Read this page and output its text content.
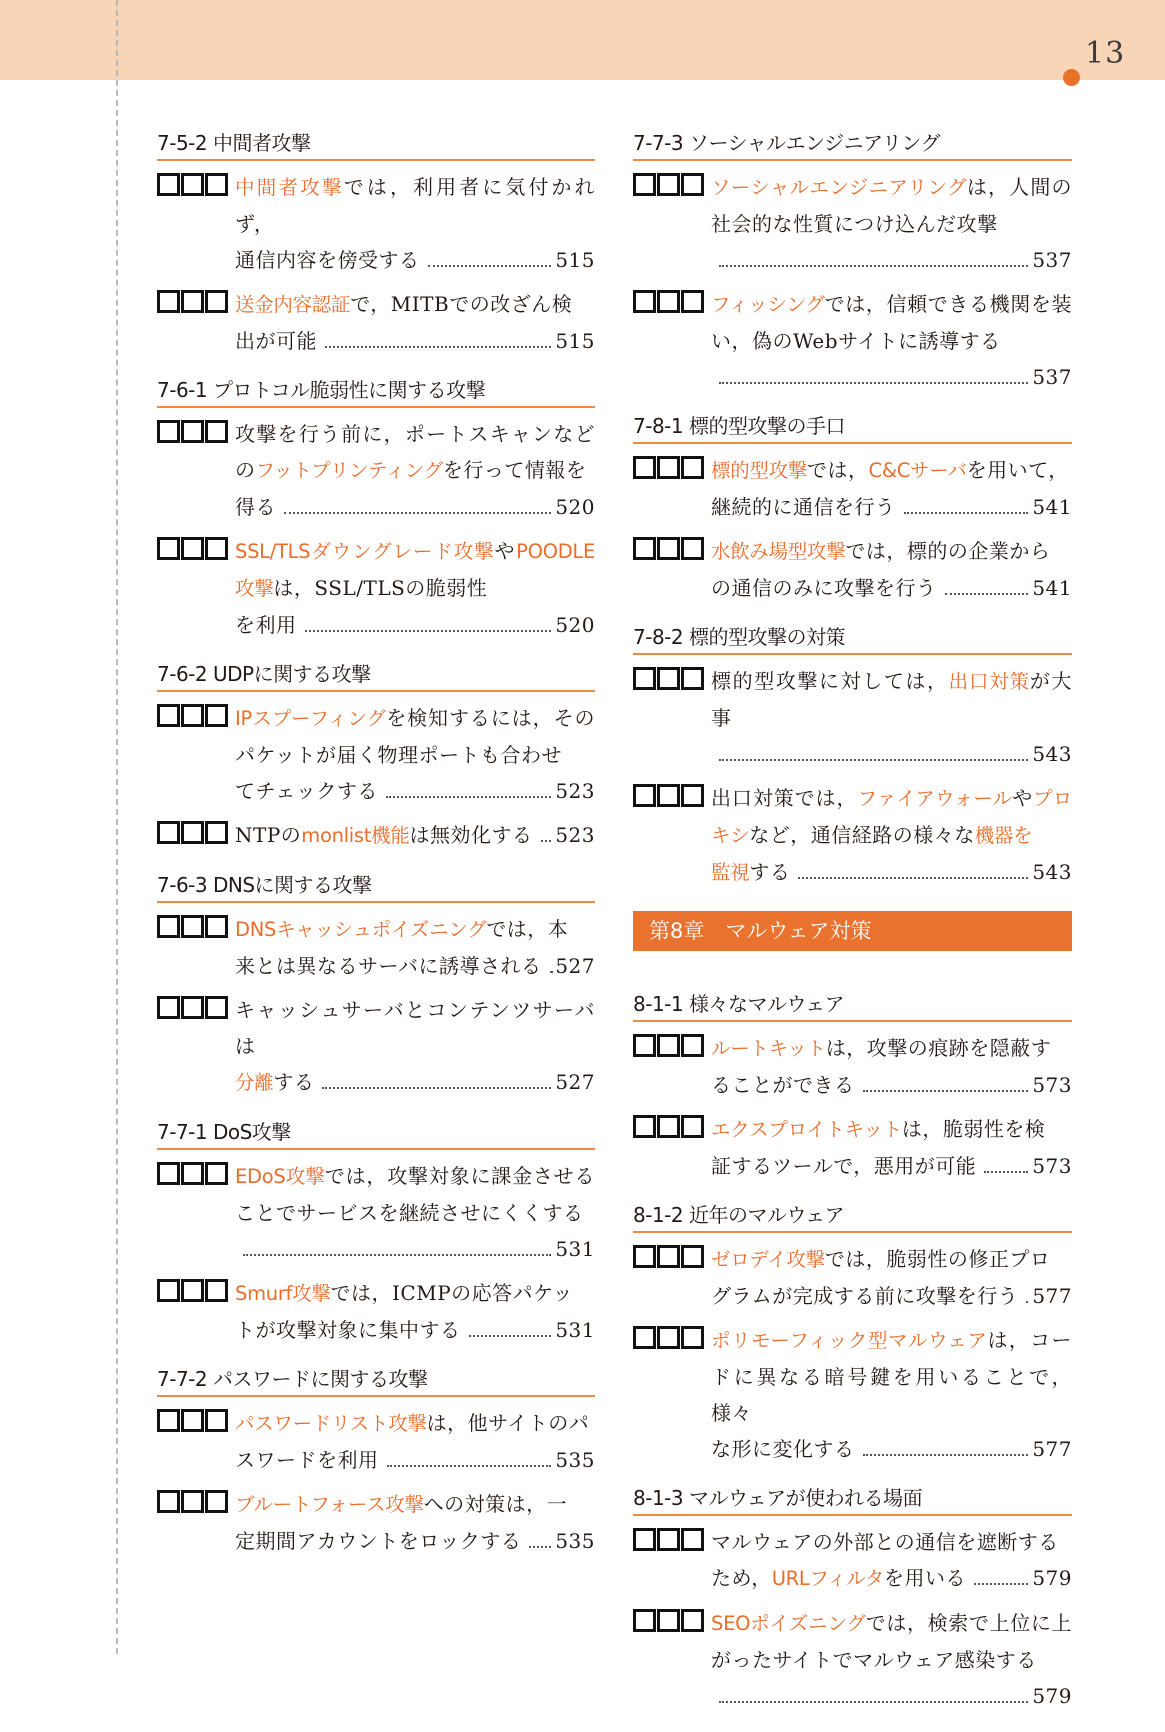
13
7-5-2 中間者攻撃
中間者攻撃では，利用者に気付かれず，
通信内容を傍受する	515
送金内容認証で，MITBでの改ざん検
出が可能	515
7-6-1 プロトコル脆弱性に関する攻撃
攻撃を行う前に，ポートスキャンなどのフットプリンティングを行って情報を
得る	520
SSL/TLSダウングレード攻撃やPOODLE攻撃は，SSL/TLSの脆弱性
を利用	520
7-6-2 UDPに関する攻撃
IPスプーフィングを検知するには，そのパケットが届く物理ポートも合わせ
てチェックする	523
NTPのmonlist機能は無効化する 523
7-6-3 DNSに関する攻撃
DNSキャッシュポイズニングでは，本
来とは異なるサーバに誘導される 527
キャッシュサーバとコンテンツサーバは
分離する	527
7-7-1 DoS攻撃
EDoS攻撃では，攻撃対象に課金させることでサービスを継続させにくくする
531
Smurf攻撃では，ICMPの応答パケッ
トが攻撃対象に集中する	531
7-7-2 パスワードに関する攻撃
パスワードリスト攻撃は，他サイトのパ
スワードを利用	535
ブルートフォース攻撃への対策は，一
定期間アカウントをロックする 535
7-7-3 ソーシャルエンジニアリング
ソーシャルエンジニアリングは，人間の社会的な性質につけ込んだ攻撃
537
フィッシングでは，信頼できる機関を装い，偽のWebサイトに誘導する
537
7-8-1 標的型攻撃の手口
標的型攻撃では，C&Cサーバを用いて，
継続的に通信を行う	541
水飲み場型攻撃では，標的の企業から
の通信のみに攻撃を行う	541
7-8-2 標的型攻撃の対策
標的型攻撃に対しては，出口対策が大事
543
出口対策では，ファイアウォールやプロキシなど，通信経路の様々な機器を
監視する	543
第8章　マルウェア対策
8-1-1 様々なマルウェア
ルートキットは，攻撃の痕跡を隠蔽す
ることができる	573
エクスプロイトキットは，脆弱性を検
証するツールで，悪用が可能	573
8-1-2 近年のマルウェア
ゼロデイ攻撃では，脆弱性の修正プロ
グラムが完成する前に攻撃を行う 577
ポリモーフィック型マルウェアは，コードに異なる暗号鍵を用いることで，様々
な形に変化する	577
8-1-3 マルウェアが使われる場面
マルウェアの外部との通信を遮断する
ため，URLフィルタを用いる	579
SEOポイズニングでは，検索で上位に上がったサイトでマルウェア感染する
579
